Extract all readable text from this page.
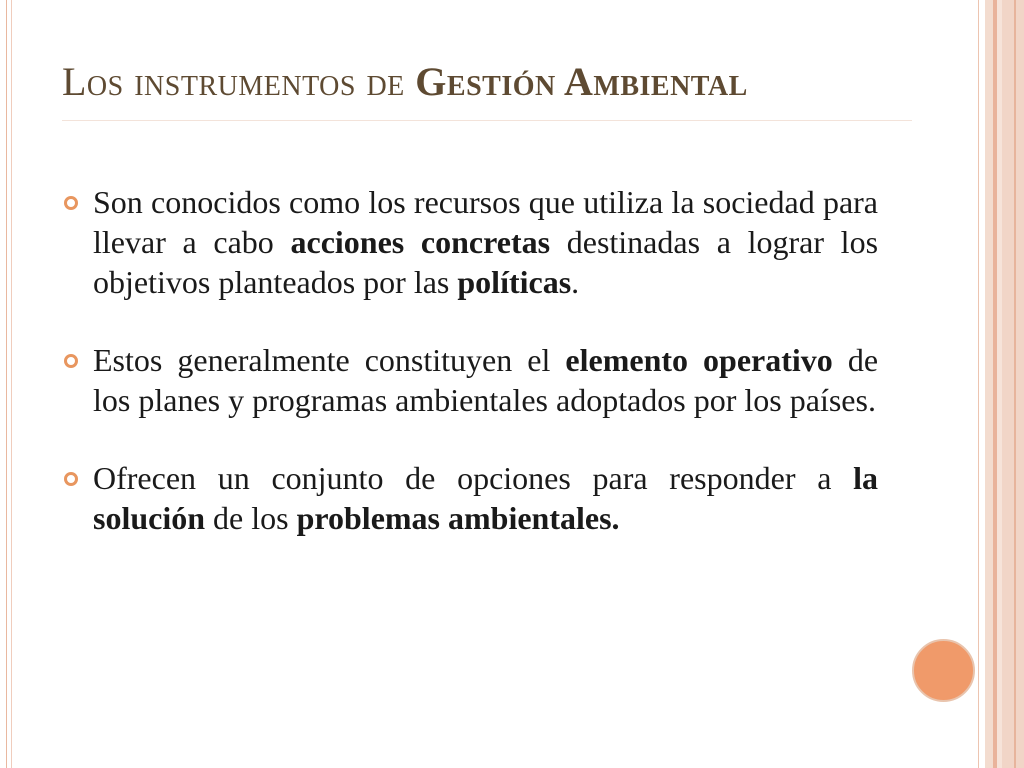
Los instrumentos de Gestión Ambiental
Son conocidos como los recursos que utiliza la sociedad para llevar a cabo acciones concretas destinadas a lograr los objetivos planteados por las políticas.
Estos generalmente constituyen el elemento operativo de los planes y programas ambientales adoptados por los países.
Ofrecen un conjunto de opciones para responder a la solución de los problemas ambientales.
